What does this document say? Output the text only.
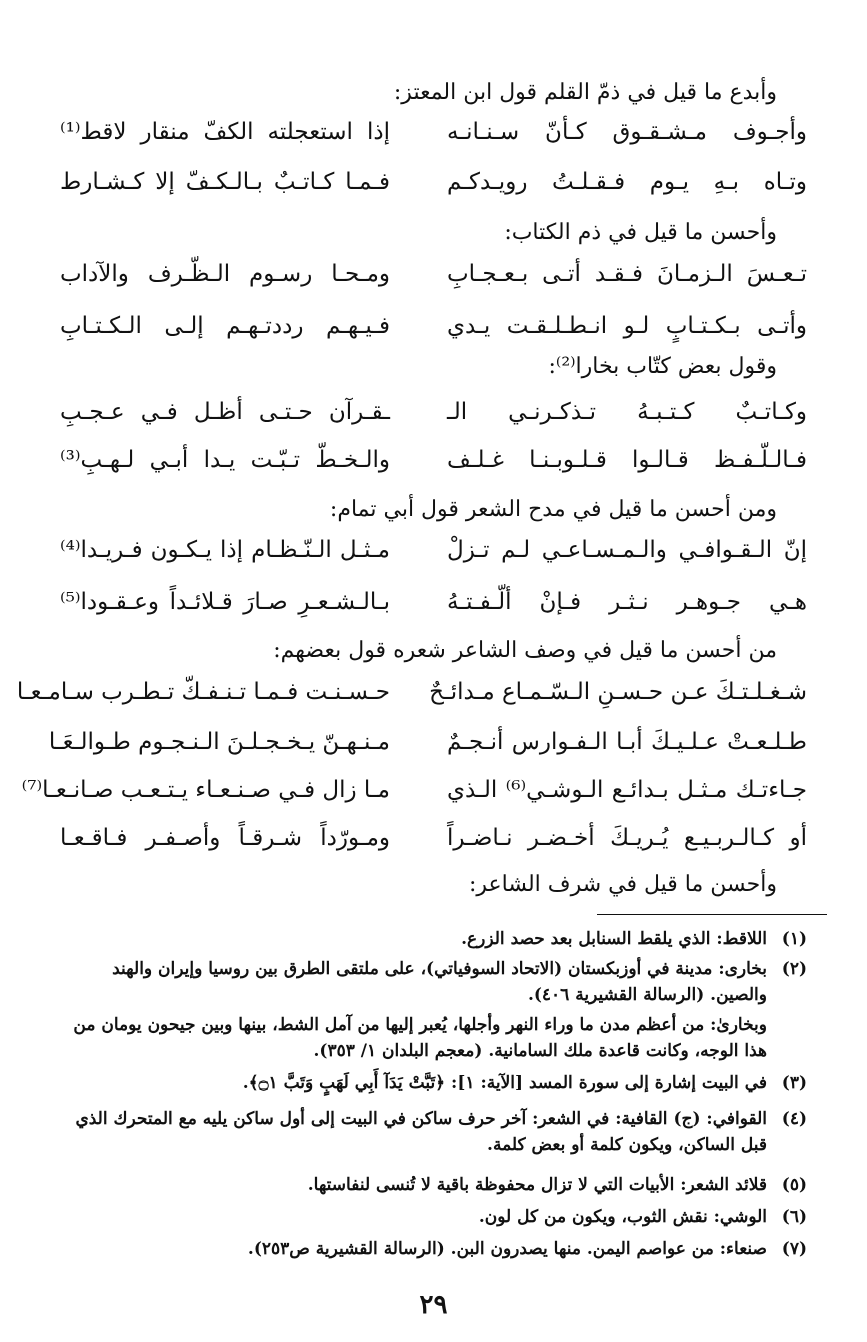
وأبدع ما قيل في ذمّ القلم قول ابن المعتز:
وأجـوف مـشـقـوق كـأنّ سـنـانـه
إذا استعجلته الكفّ منقار لاقط⁽¹⁾
وتـاه بـهِ يـوم فـقـلـتُ رويـدكـم
فـمـا كـاتـبٌ بـالـكـفّ إلا كـشـارط
وأحسن ما قيل في ذم الكتاب:
تـعـسَ الـزمـانَ فـقـد أتـى بـعـجـابِ
ومـحـا رسـوم الـظّـرف والآداب
وأتـى بـكـتـابٍ لـو انـطـلـقـت يـدي
فـيـهـم رددتـهـم إلـى الـكـتـابِ
وقول بعض كتّاب بخارا⁽²⁾:
وكـاتـبٌ كـتـبـهُ تـذكـرنـي الـ
ـقـرآن حـتـى أظـل فـي عـجـبِ
فـالـلّـفـظ قـالـوا قـلـوبـنـا غـلـف
والـخـطّ تـبّـت يـدا أبـي لـهـبِ⁽³⁾
ومن أحسن ما قيل في مدح الشعر قول أبي تمام:
إنّ الـقـوافـي والـمـسـاعـي لـم تـزلْ
مـثـل الـنّـظـام إذا يـكـون فـريـدا⁽⁴⁾
هـي جـوهـر نـثـر فـإنْ ألّـفـتـهُ
بـالـشـعـرِ صـارَ قـلائـداً وعـقـودا⁽⁵⁾
من أحسن ما قيل في وصف الشاعر شعره قول بعضهم:
شـغـلـتـكَ عـن حـسـنِ الـسّـمـاع مـدائـحٌ
حـسـنـت فـمـا تـنـفـكّ تـطـرب سـامـعـا
طـلـعـتْ عـلـيـكَ أبـا الـفـوارس أنـجـمٌ
مـنـهـنّ يـخـجـلـنَ الـنـجـوم طـوالـعَـا
جـاءتـك مـثـل بـدائـع الـوشـي⁽⁶⁾ الـذي
مـا زال فـي صـنـعـاء يـتـعـب صـانـعـا⁽⁷⁾
أو كـالـربـيـع يُـريـكَ أخـضـر نـاضـراً
ومـورّداً شـرقـاً وأصـفـر فـاقـعـا
وأحسن ما قيل في شرف الشاعر:
(١)
اللاقط: الذي يلقط السنابل بعد حصد الزرع.
(٢)
بخارى: مدينة في أوزبكستان (الاتحاد السوفياتي)، على ملتقى الطرق بين روسيا وإيران والهند والصين. (الرسالة القشيرية ٤٠٦).
وبخارىٰ: من أعظم مدن ما وراء النهر وأجلها، يُعبر إليها من آمل الشط، بينها وبين جيحون يومان من هذا الوجه، وكانت قاعدة ملك السامانية. (معجم البلدان ١/ ٣٥٣).
(٣)
في البيت إشارة إلى سورة المسد [الآية: ١]: ﴿تَبَّتْ يَدَآ أَبِي لَهَبٍ وَتَبَّ ۝١﴾.
(٤)
القوافي: (ج) القافية: في الشعر: آخر حرف ساكن في البيت إلى أول ساكن يليه مع المتحرك الذي قبل الساكن، ويكون كلمة أو بعض كلمة.
(٥)
قلائد الشعر: الأبيات التي لا تزال محفوظة باقية لا تُنسى لنفاستها.
(٦)
الوشي: نقش الثوب، ويكون من كل لون.
(٧)
صنعاء: من عواصم اليمن. منها يصدرون البن. (الرسالة القشيرية ص٢٥٣).
٢٩
